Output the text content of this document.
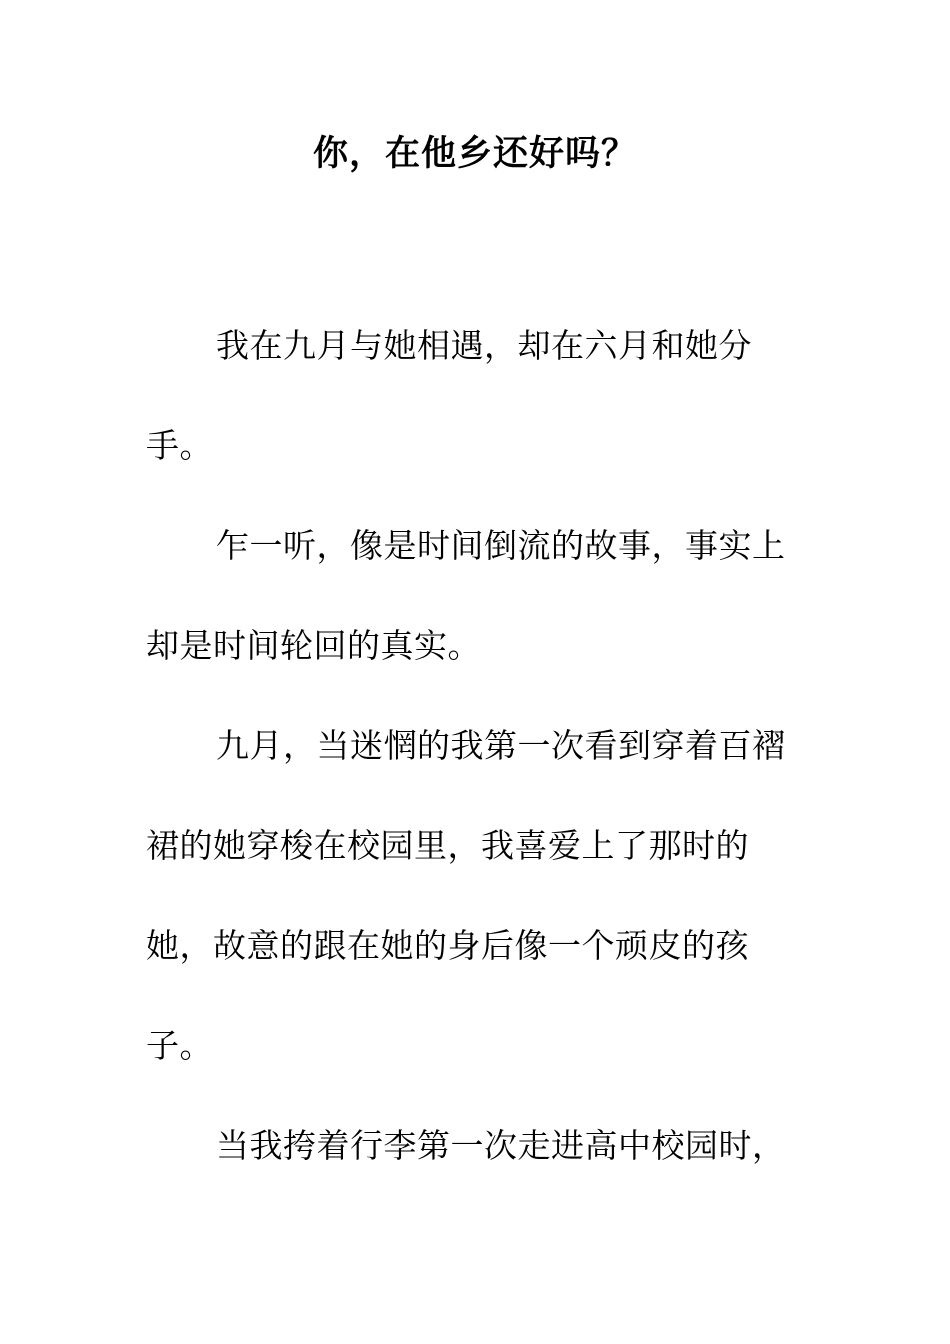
你，在他乡还好吗？

我在九月与她相遇，却在六月和她分手。

乍一听，像是时间倒流的故事，事实上却是时间轮回的真实。

九月，当迷惘的我第一次看到穿着百褶裙的她穿梭在校园里，我喜爱上了那时的她，故意的跟在她的身后像一个顽皮的孩子。

当我挎着行李第一次走进高中校园时，
